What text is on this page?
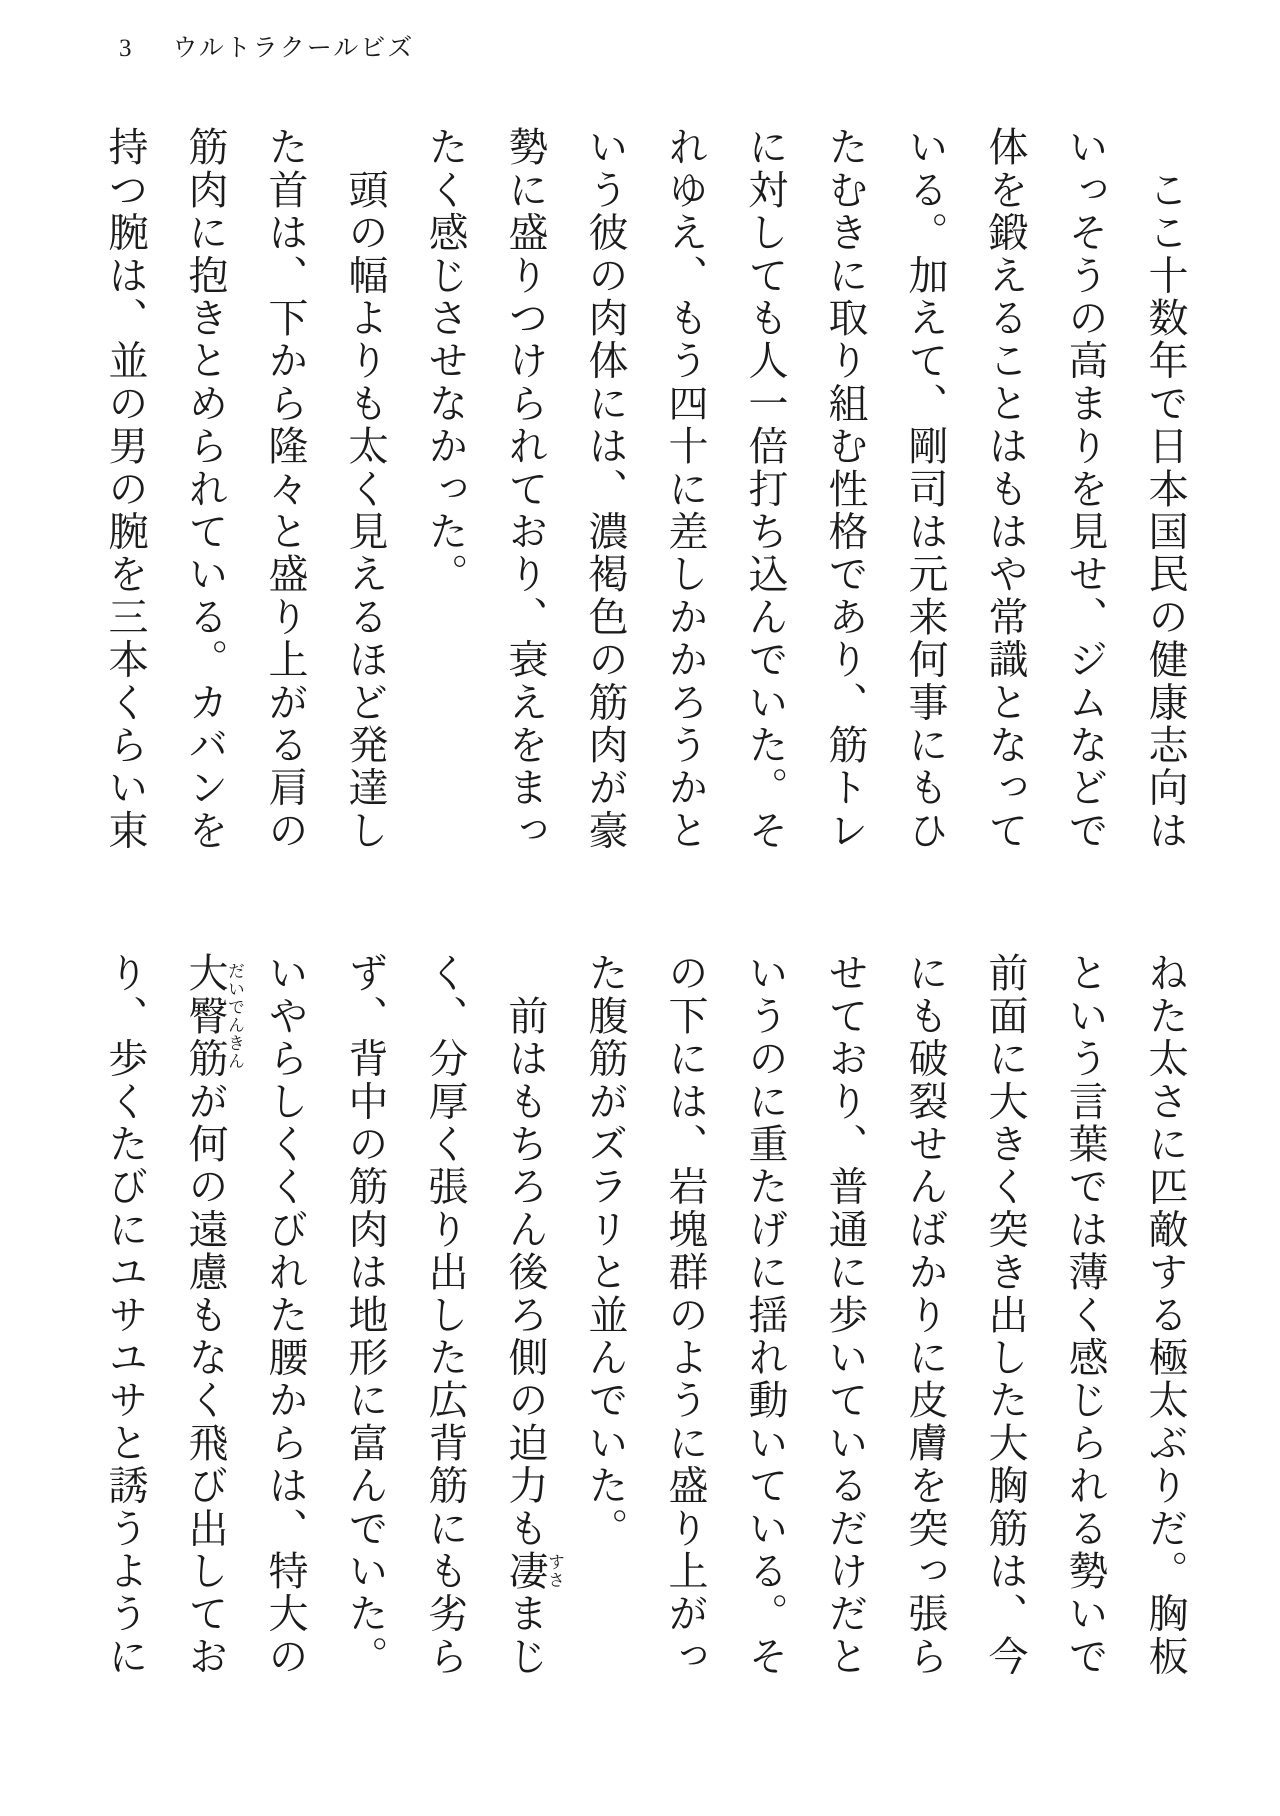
3 ウルトラクールビズ

　ここ十数年で日本国民の健康志向は

いっそうの高まりを見せ、ジムなどで

体を鍛えることはもはや常識となって

いる。加えて、剛司は元来何事にもひ

たむきに取り組む性格であり、筋トレ

に対しても人一倍打ち込んでいた。そ

れゆえ、もう四十に差しかかろうかと

いう彼の肉体には、濃褐色の筋肉が豪

勢に盛りつけられており、衰えをまっ

たく感じさせなかった。

　頭の幅よりも太く見えるほど発達し

た首は、下から隆々と盛り上がる肩の

筋肉に抱きとめられている。カバンを

持つ腕は、並の男の腕を三本くらい束

ねた太さに匹敵する極太ぶりだ。胸板

という言葉では薄く感じられる勢いで

前面に大きく突き出した大胸筋は、今

にも破裂せんばかりに皮膚を突っ張ら

せており、普通に歩いているだけだと

いうのに重たげに揺れ動いている。そ

の下には、岩塊群のように盛り上がっ

た腹筋がズラリと並んでいた。

　前はもちろん後ろ側の迫力も凄すさまじ

く、分厚く張り出した広背筋にも劣ら

ず、背中の筋肉は地形に富んでいた。

いやらしくくびれた腰からは、特大の

大臀筋だいでんきんが何の遠慮もなく飛び出してお

り、歩くたびにユサユサと誘うように
